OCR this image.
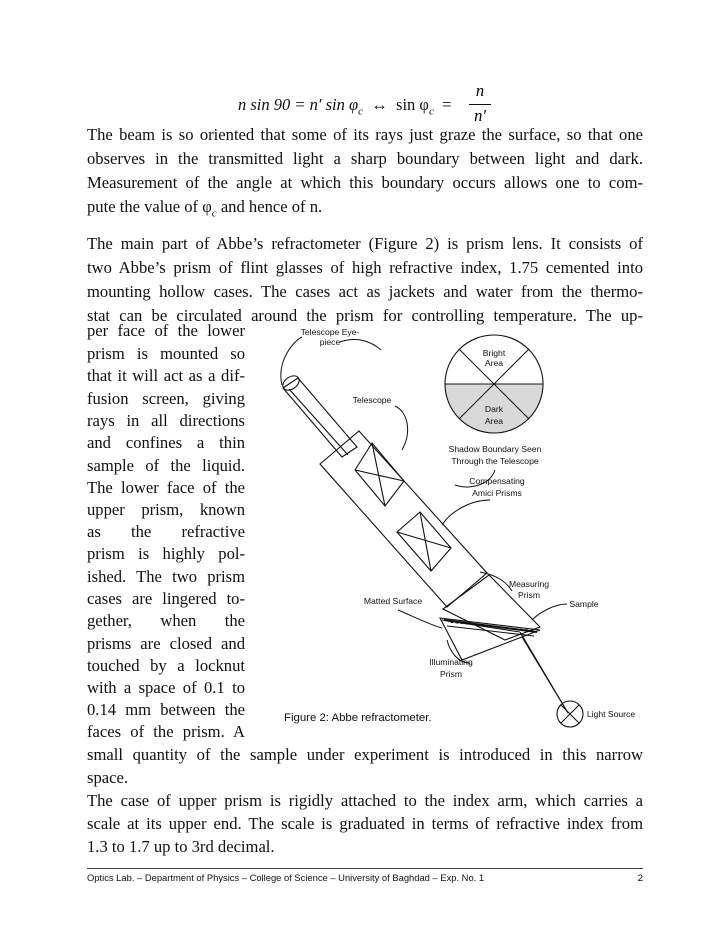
n sin 90 = n′ $\sin \varphi_c$ ↔ $\sin \varphi_c$ =
n
n′
The beam is so oriented that some of its rays just graze the surface, so that one
observes in the transmitted light a sharp boundary between light and dark.
Measurement of the angle at which this boundary occurs allows one to com-
pute the value of $\varphi_c$ and hence of n.
The main part of Abbe’s refractometer (Figure 2) is prism lens. It consists of
two Abbe’s prism of flint glasses of high refractive index, 1.75 cemented into
mounting hollow cases. The cases act as jackets and water from the thermo-
stat can be circulated around the prism for controlling temperature. The up-
per face of the lower
prism is mounted so
that it will act as a dif-
fusion screen, giving
rays in all directions
and confines a thin
sample of the liquid.
The lower face of the
upper prism, known
as the refractive
prism is highly pol-
ished. The two prism
cases are lingered to-
gether, when the
prisms are closed and
touched by a locknut
with a space of 0.1 to
0.14 mm between the
faces of the prism. A
small quantity of the sample under experiment is introduced in this narrow
space.
The case of upper prism is rigidly attached to the index arm, which carries a
scale at its upper end. The scale is graduated in terms of refractive index from
1.3 to 1.7 up to 3rd decimal.
Telescope Eye-
piece
Telescope
Bright
Area
Dark
Area
Shadow Boundary Seen
Through the Telescope
Compensating
Amici Prisms
Measuring
Prism
Sample
Matted Surface
Illuminating
Prism
Light Source
Figure 2: Abbe refractometer.
Optics Lab. – Department of Physics – College of Science – University of Baghdad – Exp. No. 1	2
